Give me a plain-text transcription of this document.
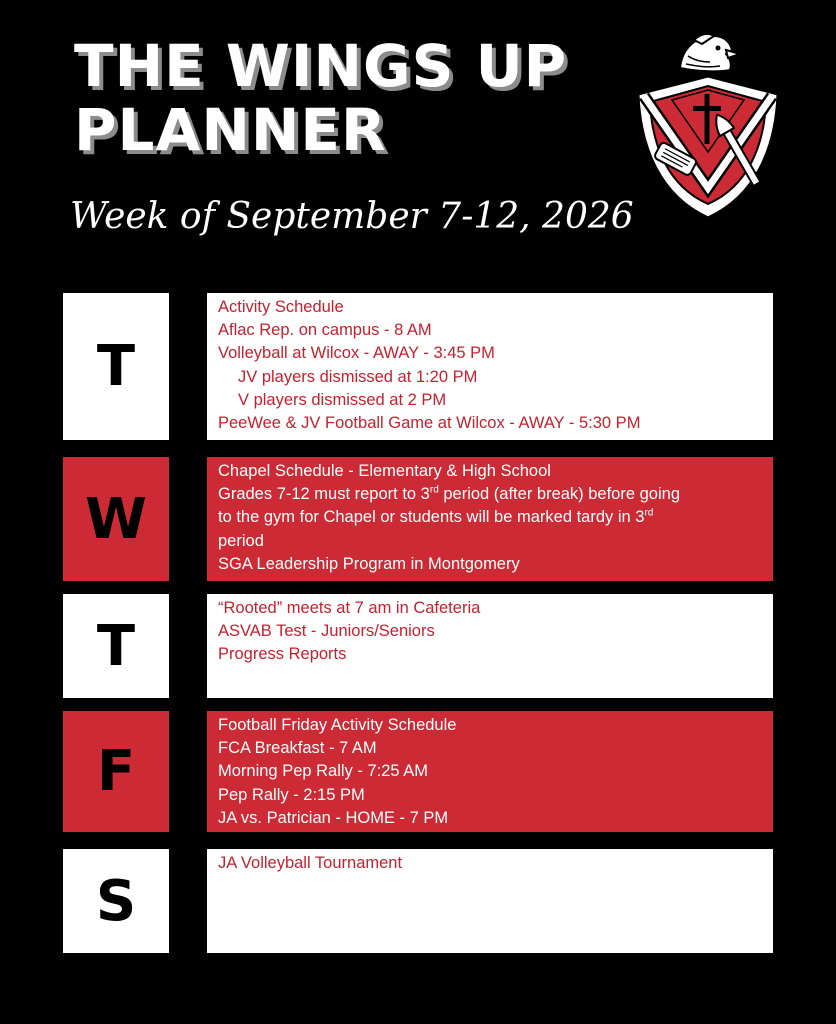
THE WINGS UP
PLANNER
Week of September 7-12, 2026
T
Activity Schedule
Aflac Rep. on campus - 8 AM
Volleyball at Wilcox - AWAY - 3:45 PM
JV players dismissed at 1:20 PM
V players dismissed at 2 PM
PeeWee & JV Football Game at Wilcox - AWAY - 5:30 PM
W
Chapel Schedule - Elementary & High School
Grades 7-12 must report to 3rd period (after break) before going
to the gym for Chapel or students will be marked tardy in 3rd
period
SGA Leadership Program in Montgomery
T
“Rooted” meets at 7 am in Cafeteria
ASVAB Test - Juniors/Seniors
Progress Reports
F
Football Friday Activity Schedule
FCA Breakfast - 7 AM
Morning Pep Rally - 7:25 AM
Pep Rally - 2:15 PM
JA vs. Patrician - HOME - 7 PM
S
JA Volleyball Tournament
